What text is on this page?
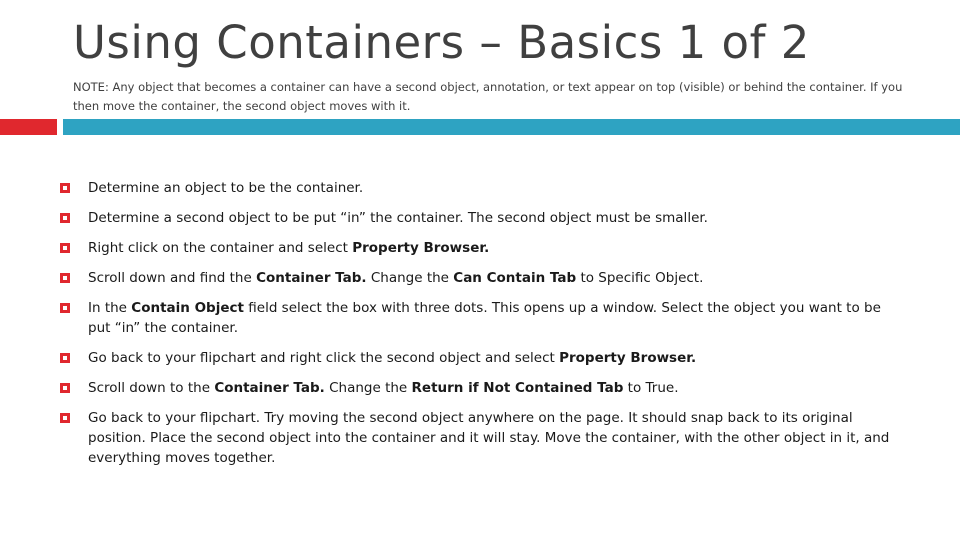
Using Containers – Basics 1 of 2

NOTE: Any object that becomes a container can have a second object, annotation, or text appear on top (visible) or behind the container. If you then move the container, the second object moves with it.

Determine an object to be the container.
Determine a second object to be put “in” the container. The second object must be smaller.
Right click on the container and select Property Browser.
Scroll down and find the Container Tab. Change the Can Contain Tab to Specific Object.
In the Contain Object field select the box with three dots. This opens up a window. Select the object you want to be put “in” the container.
Go back to your flipchart and right click the second object and select Property Browser.
Scroll down to the Container Tab. Change the Return if Not Contained Tab to True.
Go back to your flipchart. Try moving the second object anywhere on the page. It should snap back to its original position. Place the second object into the container and it will stay. Move the container, with the other object in it, and everything moves together.
